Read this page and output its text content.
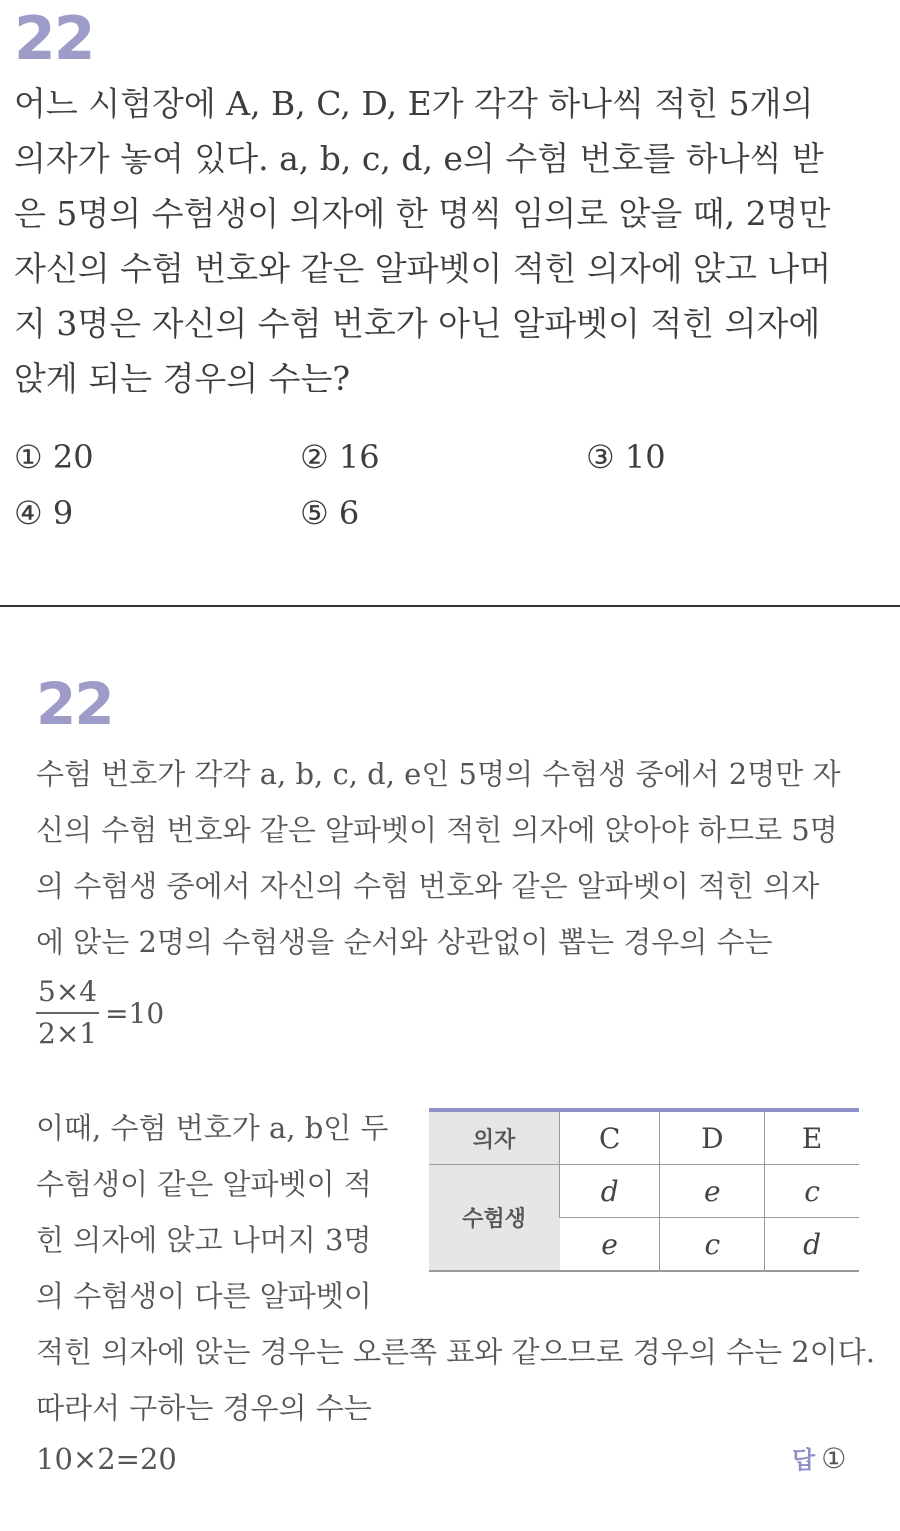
22
어느 시험장에 A, B, C, D, E가 각각 하나씩 적힌 5개의
의자가 놓여 있다. a, b, c, d, e의 수험 번호를 하나씩 받
은 5명의 수험생이 의자에 한 명씩 임의로 앉을 때, 2명만
자신의 수험 번호와 같은 알파벳이 적힌 의자에 앉고 나머
지 3명은 자신의 수험 번호가 아닌 알파벳이 적힌 의자에
앉게 되는 경우의 수는?
① 20	② 16	③ 10
④ 9	⑤ 6
22
수험 번호가 각각 a, b, c, d, e인 5명의 수험생 중에서 2명만 자
신의 수험 번호와 같은 알파벳이 적힌 의자에 앉아야 하므로 5명
의 수험생 중에서 자신의 수험 번호와 같은 알파벳이 적힌 의자
에 앉는 2명의 수험생을 순서와 상관없이 뽑는 경우의 수는
$\frac{5\times 4}{2\times 1} =10$
이때, 수험 번호가 a, b인 두
수험생이 같은 알파벳이 적
힌 의자에 앉고 나머지 3명
의 수험생이 다른 알파벳이
적힌 의자에 앉는 경우는 오른쪽 표와 같으므로 경우의 수는 2이다.
따라서 구하는 경우의 수는
10×2=20
의자	C	D	E
수험생	d	e	c
	e	c	d
답 ①
